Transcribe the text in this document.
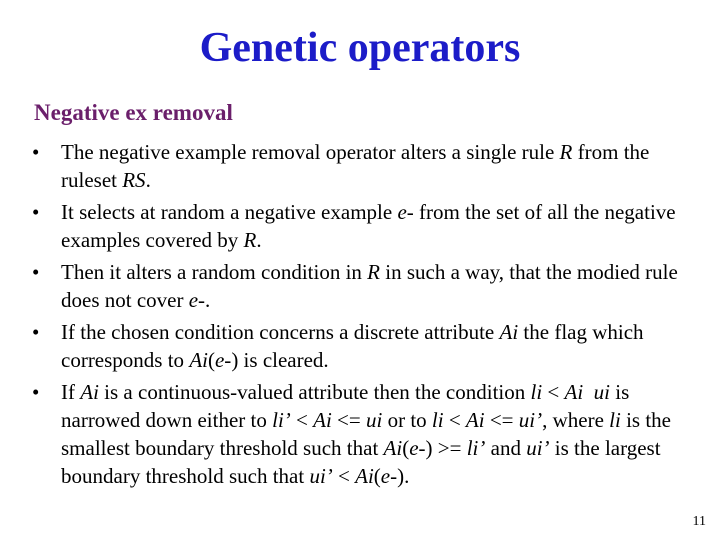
Genetic operators
Negative ex removal
• The negative example removal operator alters a single rule R from the ruleset RS.
• It selects at random a negative example e- from the set of all the negative examples covered by R.
• Then it alters a random condition in R in such a way, that the modied rule does not cover e-.
• If the chosen condition concerns a discrete attribute Ai the flag which corresponds to Ai(e-) is cleared.
• If Ai is a continuous-valued attribute then the condition li < Ai  ui is narrowed down either to li’ < Ai <= ui or to li < Ai <= ui’, where li is the smallest boundary threshold such that Ai(e-) >= li’ and ui’ is the largest boundary threshold such that ui’ < Ai(e-).

11
